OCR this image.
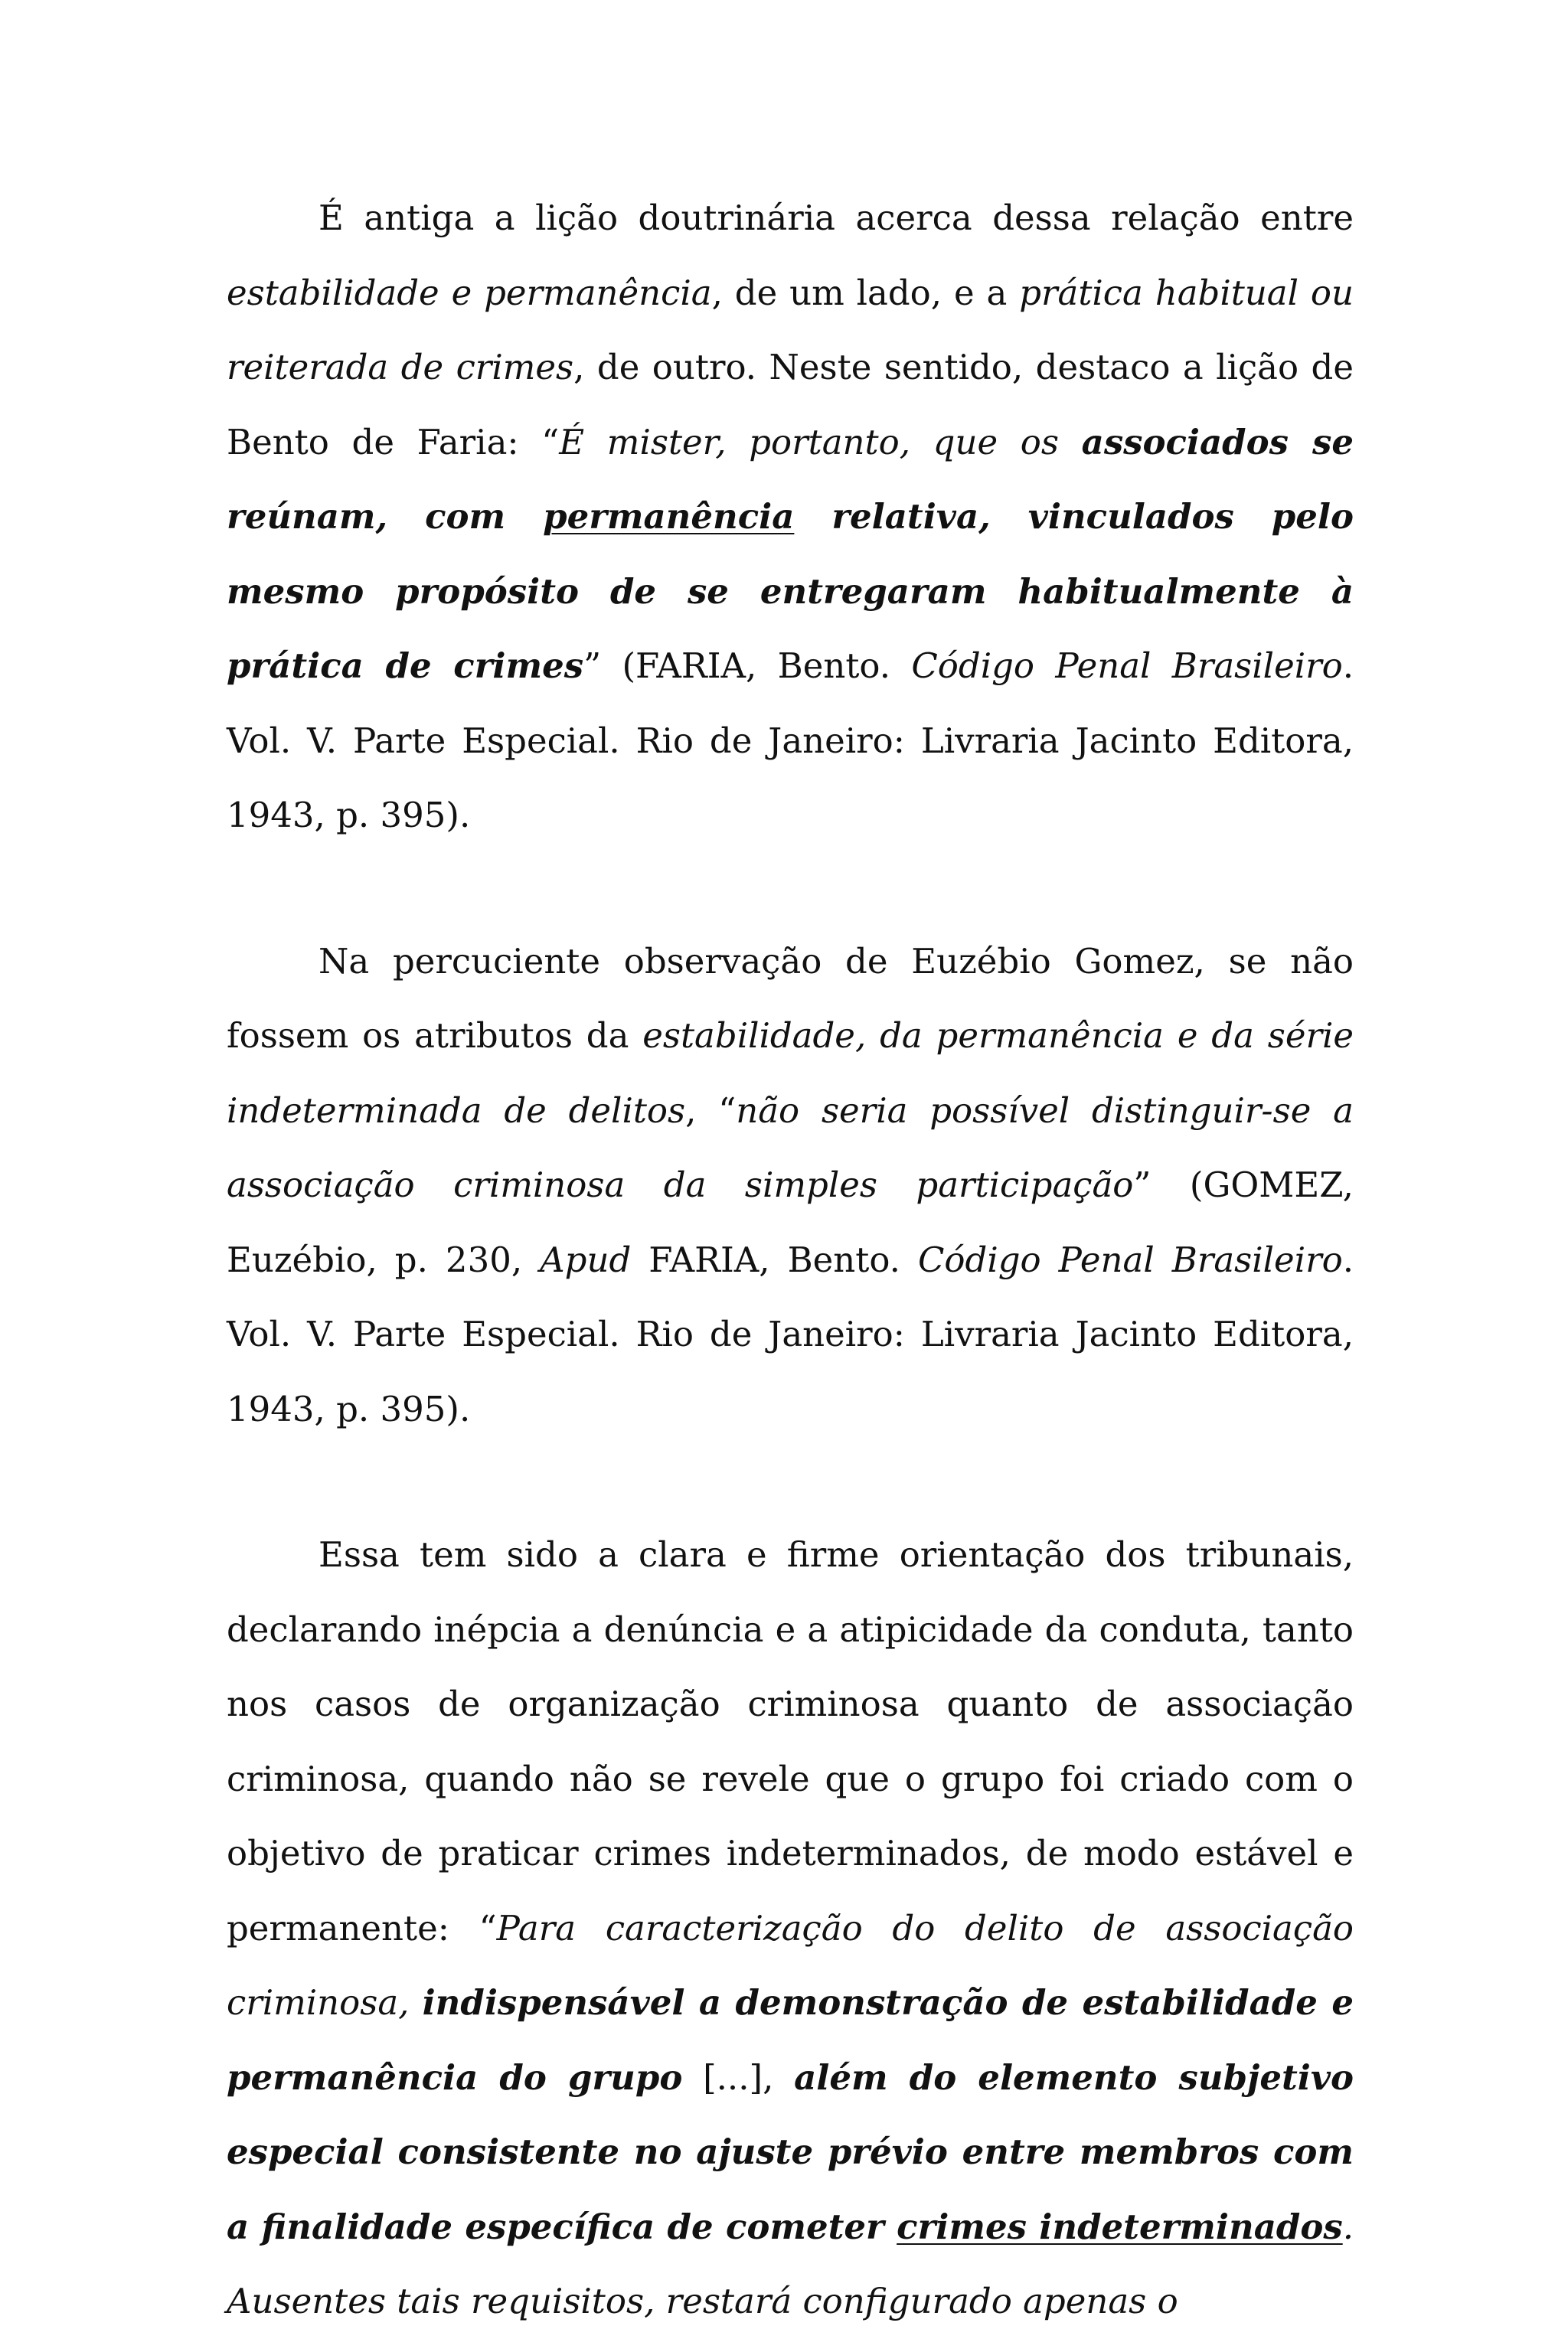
É antiga a lição doutrinária acerca dessa relação entre estabilidade e permanência, de um lado, e a prática habitual ou reiterada de crimes, de outro. Neste sentido, destaco a lição de Bento de Faria: “É mister, portanto, que os associados se reúnam, com permanência relativa, vinculados pelo mesmo propósito de se entregaram habitualmente à prática de crimes” (FARIA, Bento. Código Penal Brasileiro. Vol. V. Parte Especial. Rio de Janeiro: Livraria Jacinto Editora, 1943, p. 395).

Na percuciente observação de Euzébio Gomez, se não fossem os atributos da estabilidade, da permanência e da série indeterminada de delitos, “não seria possível distinguir-se a associação criminosa da simples participação” (GOMEZ, Euzébio, p. 230, Apud FARIA, Bento. Código Penal Brasileiro. Vol. V. Parte Especial. Rio de Janeiro: Livraria Jacinto Editora, 1943, p. 395).

Essa tem sido a clara e firme orientação dos tribunais, declarando inépcia a denúncia e a atipicidade da conduta, tanto nos casos de organização criminosa quanto de associação criminosa, quando não se revele que o grupo foi criado com o objetivo de praticar crimes indeterminados, de modo estável e permanente: “Para caracterização do delito de associação criminosa, indispensável a demonstração de estabilidade e permanência do grupo [...], além do elemento subjetivo especial consistente no ajuste prévio entre membros com a finalidade específica de cometer crimes indeterminados. Ausentes tais requisitos, restará configurado apenas o
